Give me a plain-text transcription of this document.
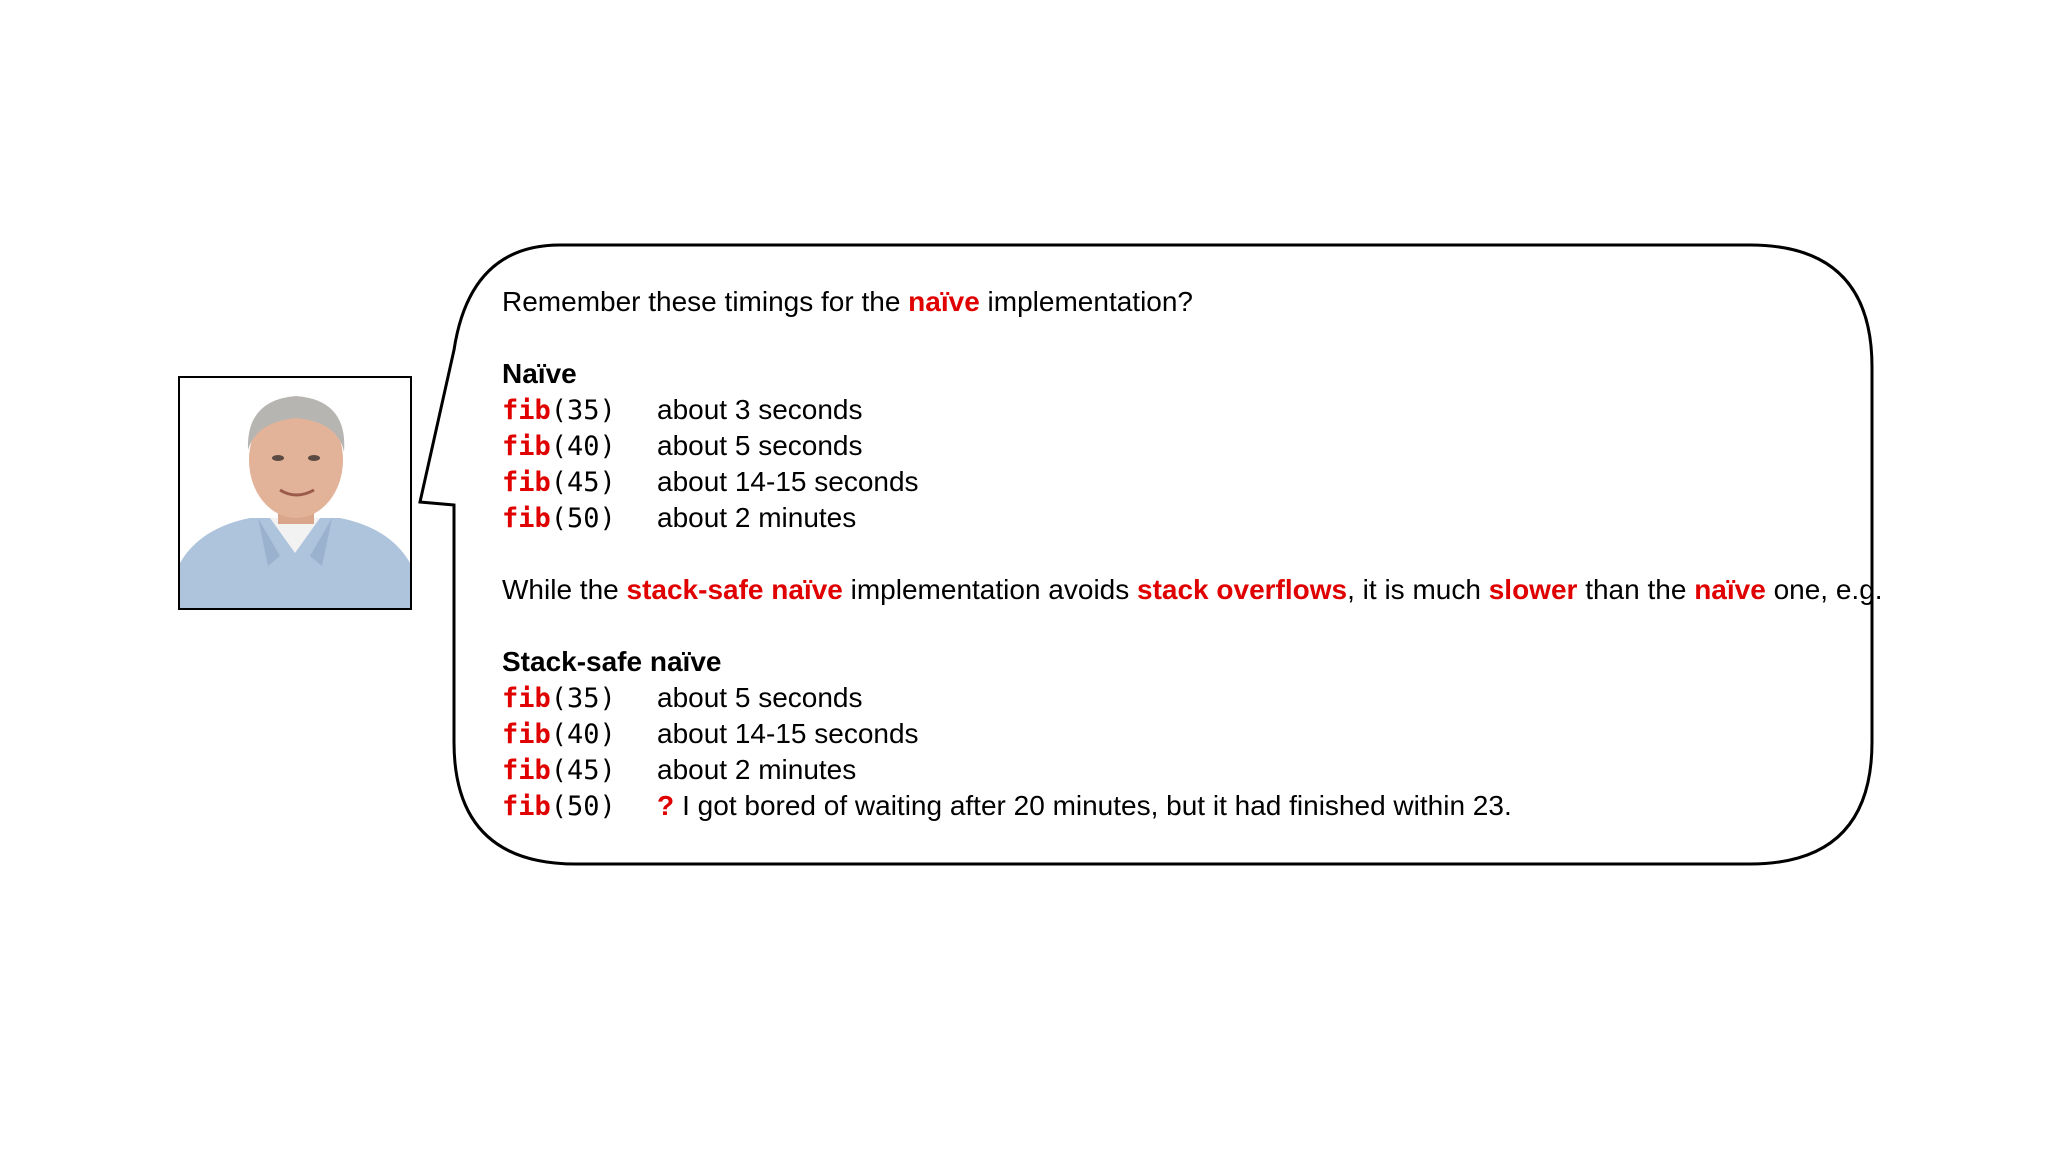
Remember these timings for the naïve implementation?
Naïve
fib(35) about 3 seconds
fib(40) about 5 seconds
fib(45) about 14-15 seconds
fib(50) about 2 minutes
While the stack-safe naïve implementation avoids stack overflows, it is much slower than the naïve one, e.g.
Stack-safe naïve
fib(35) about 5 seconds
fib(40) about 14-15 seconds
fib(45) about 2 minutes
fib(50) ? I got bored of waiting after 20 minutes, but it had finished within 23.
